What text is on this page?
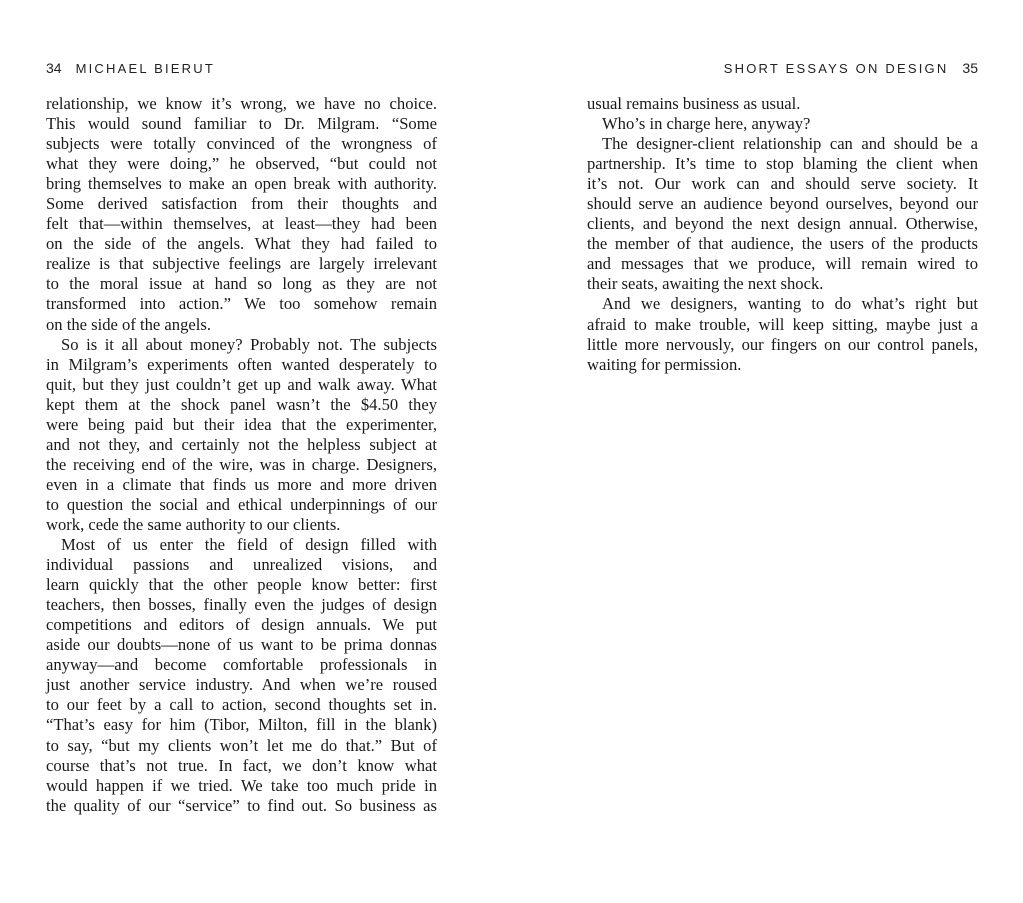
34 MICHAEL BIERUT	SHORT ESSAYS ON DESIGN 35
relationship, we know it’s wrong, we have no choice.
This would sound familiar to Dr. Milgram. “Some
subjects were totally convinced of the wrongness of
what they were doing,” he observed, “but could not
bring themselves to make an open break with authority.
Some derived satisfaction from their thoughts and
felt that—within themselves, at least—they had been
on the side of the angels. What they had failed to
realize is that subjective feelings are largely irrelevant
to the moral issue at hand so long as they are not
transformed into action.” We too somehow remain
on the side of the angels.
So is it all about money? Probably not. The subjects
in Milgram’s experiments often wanted desperately to
quit, but they just couldn’t get up and walk away. What
kept them at the shock panel wasn’t the $4.50 they
were being paid but their idea that the experimenter,
and not they, and certainly not the helpless subject at
the receiving end of the wire, was in charge. Designers,
even in a climate that finds us more and more driven
to question the social and ethical underpinnings of our
work, cede the same authority to our clients.
Most of us enter the field of design filled with
individual passions and unrealized visions, and
learn quickly that the other people know better: first
teachers, then bosses, finally even the judges of design
competitions and editors of design annuals. We put
aside our doubts—none of us want to be prima donnas
anyway—and become comfortable professionals in
just another service industry. And when we’re roused
to our feet by a call to action, second thoughts set in.
“That’s easy for him (Tibor, Milton, fill in the blank)
to say, “but my clients won’t let me do that.” But of
course that’s not true. In fact, we don’t know what
would happen if we tried. We take too much pride in
the quality of our “service” to find out. So business as
usual remains business as usual.
Who’s in charge here, anyway?
The designer-client relationship can and should be a
partnership. It’s time to stop blaming the client when
it’s not. Our work can and should serve society. It
should serve an audience beyond ourselves, beyond our
clients, and beyond the next design annual. Otherwise,
the member of that audience, the users of the products
and messages that we produce, will remain wired to
their seats, awaiting the next shock.
And we designers, wanting to do what’s right but
afraid to make trouble, will keep sitting, maybe just a
little more nervously, our fingers on our control panels,
waiting for permission.
